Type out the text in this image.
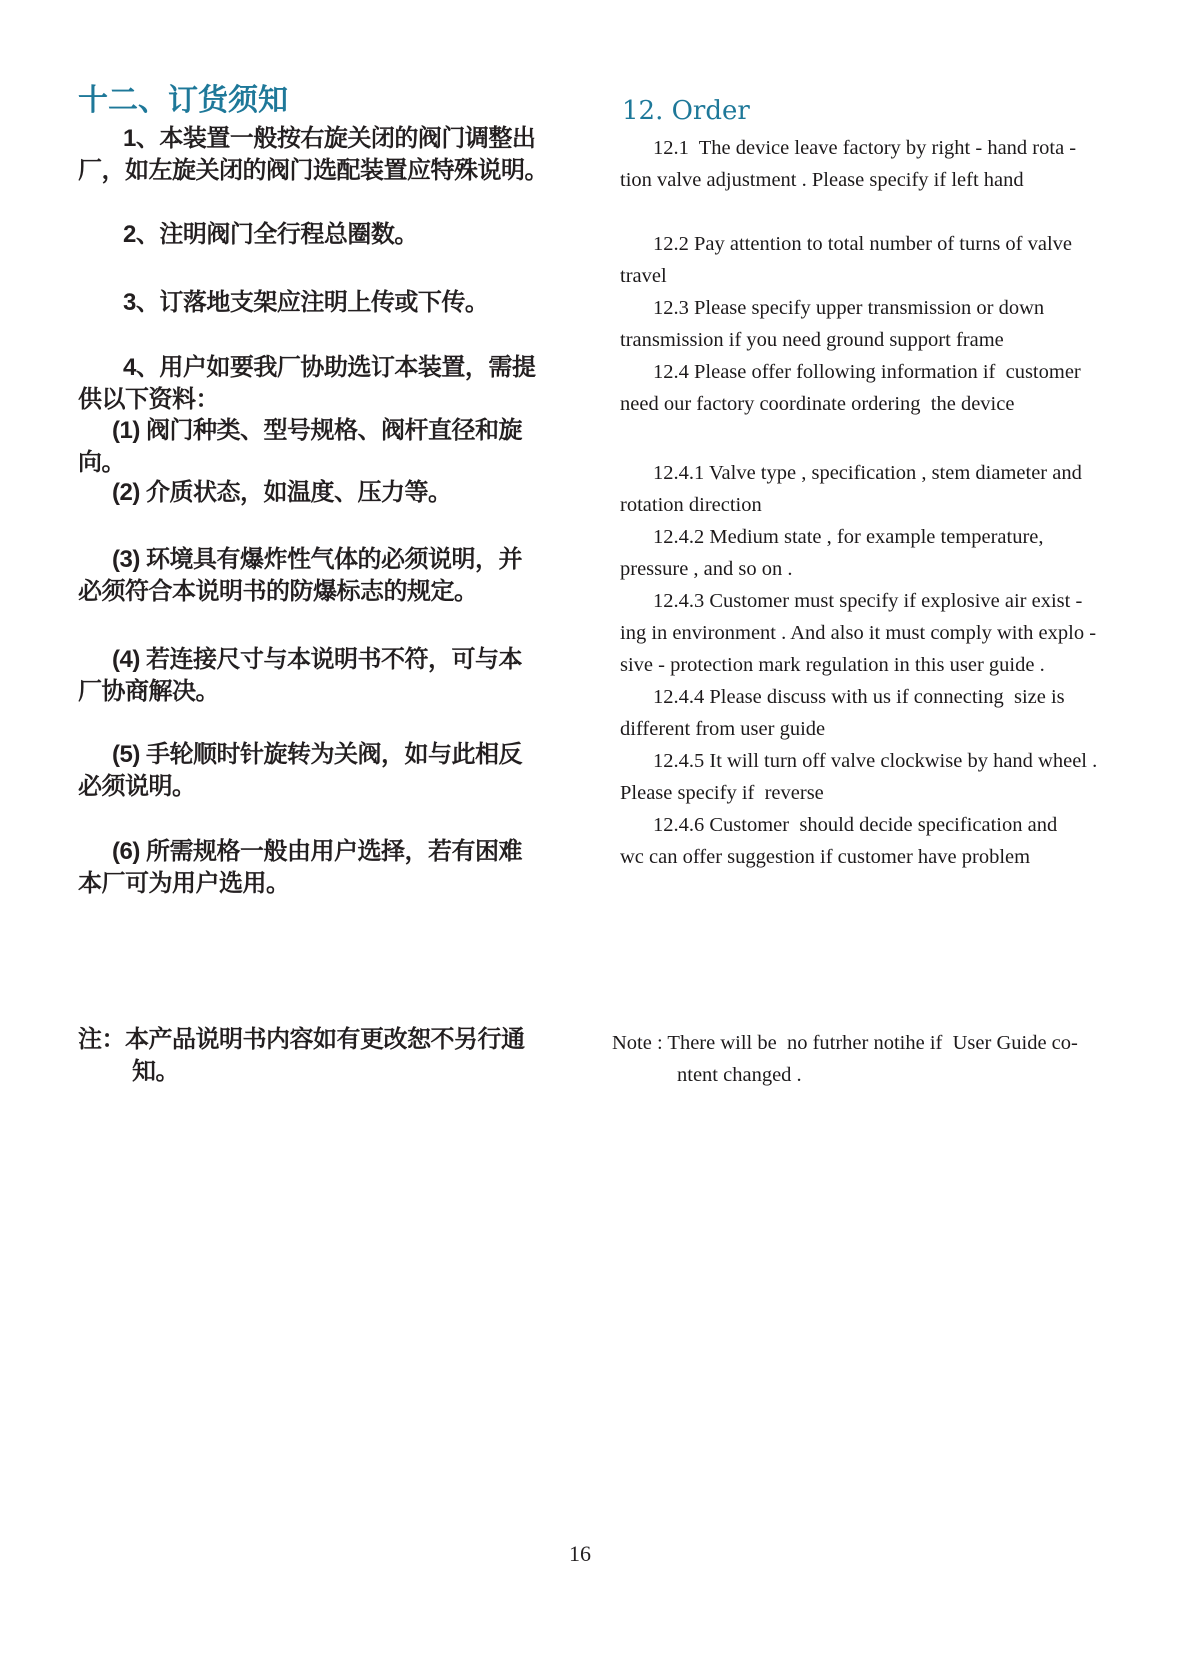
十二、订货须知
1、本装置一般按右旋关闭的阀门调整出
厂，如左旋关闭的阀门选配装置应特殊说明。
2、注明阀门全行程总圈数。
3、订落地支架应注明上传或下传。
4、用户如要我厂协助选订本装置，需提
供以下资料：
(1) 阀门种类、型号规格、阀杆直径和旋
向。
(2) 介质状态，如温度、压力等。
(3) 环境具有爆炸性气体的必须说明，并
必须符合本说明书的防爆标志的规定。
(4) 若连接尺寸与本说明书不符，可与本
厂协商解决。
(5) 手轮顺时针旋转为关阀，如与此相反
必须说明。
(6) 所需规格一般由用户选择，若有困难
本厂可为用户选用。
注：本产品说明书内容如有更改恕不另行通
知。
12. Order
12.1  The device leave factory by right - hand rota -
tion valve adjustment . Please specify if left hand
12.2 Pay attention to total number of turns of valve
travel
12.3 Please specify upper transmission or down
transmission if you need ground support frame
12.4 Please offer following information if  customer
need our factory coordinate ordering  the device
12.4.1 Valve type , specification , stem diameter and
rotation direction
12.4.2 Medium state , for example temperature,
pressure , and so on .
12.4.3 Customer must specify if explosive air exist -
ing in environment . And also it must comply with explo -
sive - protection mark regulation in this user guide .
12.4.4 Please discuss with us if connecting  size is
different from user guide
12.4.5 It will turn off valve clockwise by hand wheel .
Please specify if  reverse
12.4.6 Customer  should decide specification and
wc can offer suggestion if customer have problem
Note : There will be  no futrher notihe if  User Guide co-
ntent changed .
16
